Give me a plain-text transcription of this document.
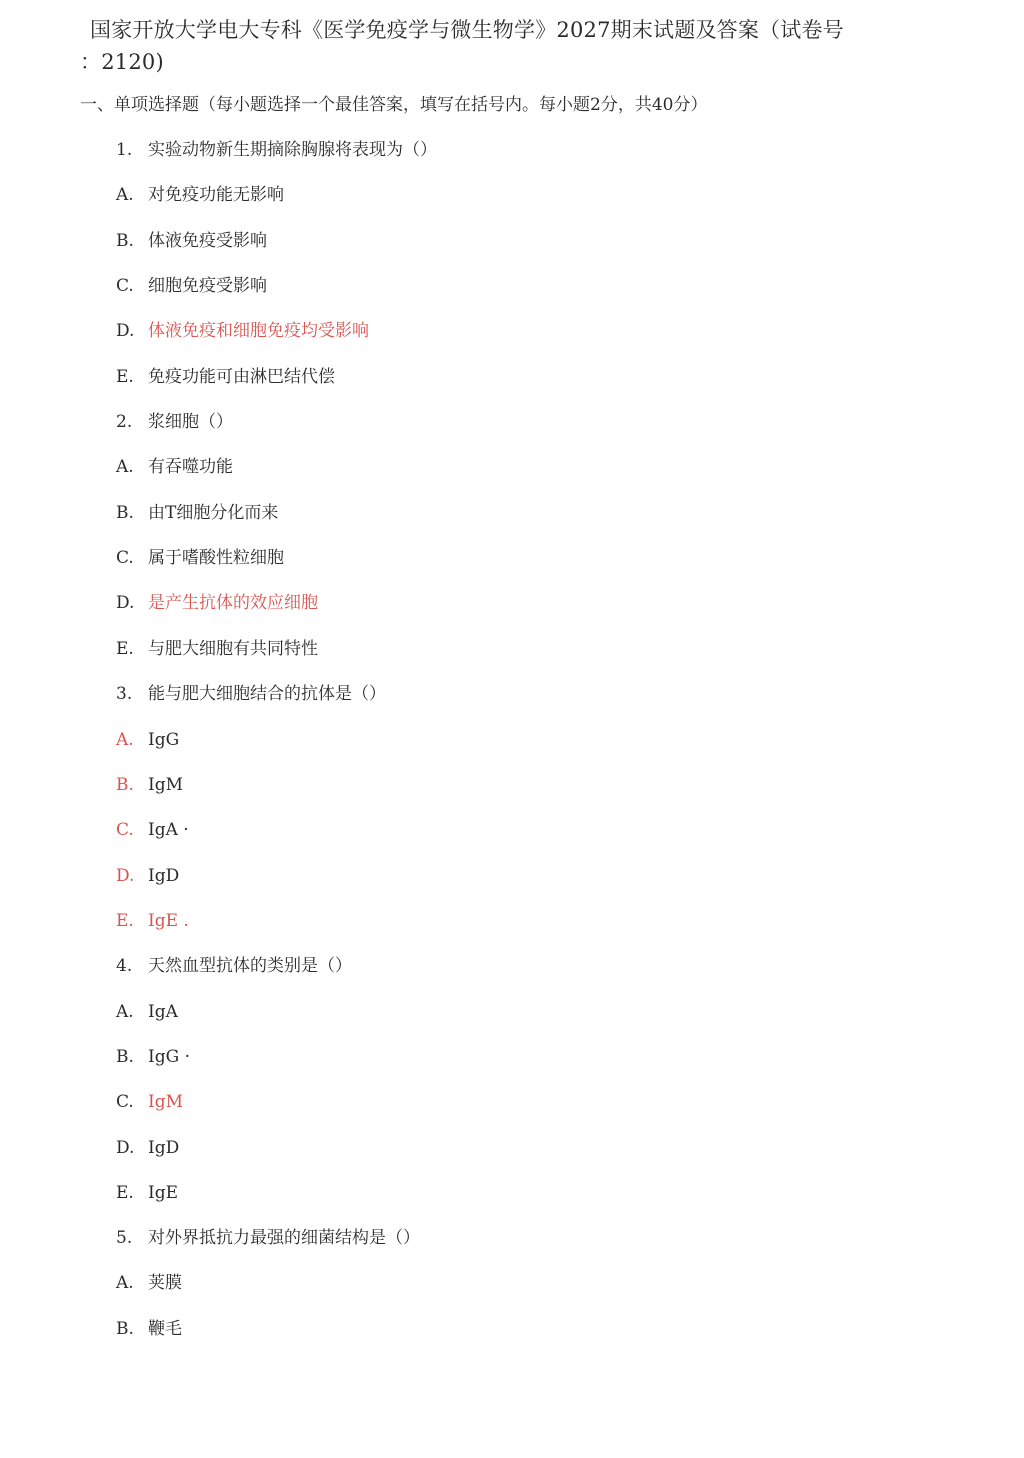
国家开放大学电大专科《医学免疫学与微生物学》2027期末试题及答案（试卷号
：2120)
一、单项选择题（每小题选择一个最佳答案，填写在括号内。每小题2分，共40分）
1. 实验动物新生期摘除胸腺将表现为（）
A. 对免疫功能无影响
B. 体液免疫受影响
C. 细胞免疫受影响
D. 体液免疫和细胞免疫均受影响
E. 免疫功能可由淋巴结代偿
2. 浆细胞（）
A. 有吞噬功能
B. 由T细胞分化而来
C. 属于嗜酸性粒细胞
D. 是产生抗体的效应细胞
E. 与肥大细胞有共同特性
3. 能与肥大细胞结合的抗体是（）
A. IgG
B. IgM
C. IgA ·
D. IgD
E. IgE .
4. 天然血型抗体的类别是（）
A. IgA
B. IgG ·
C. IgM
D. IgD
E. IgE
5. 对外界抵抗力最强的细菌结构是（）
A. 荚膜
B. 鞭毛
